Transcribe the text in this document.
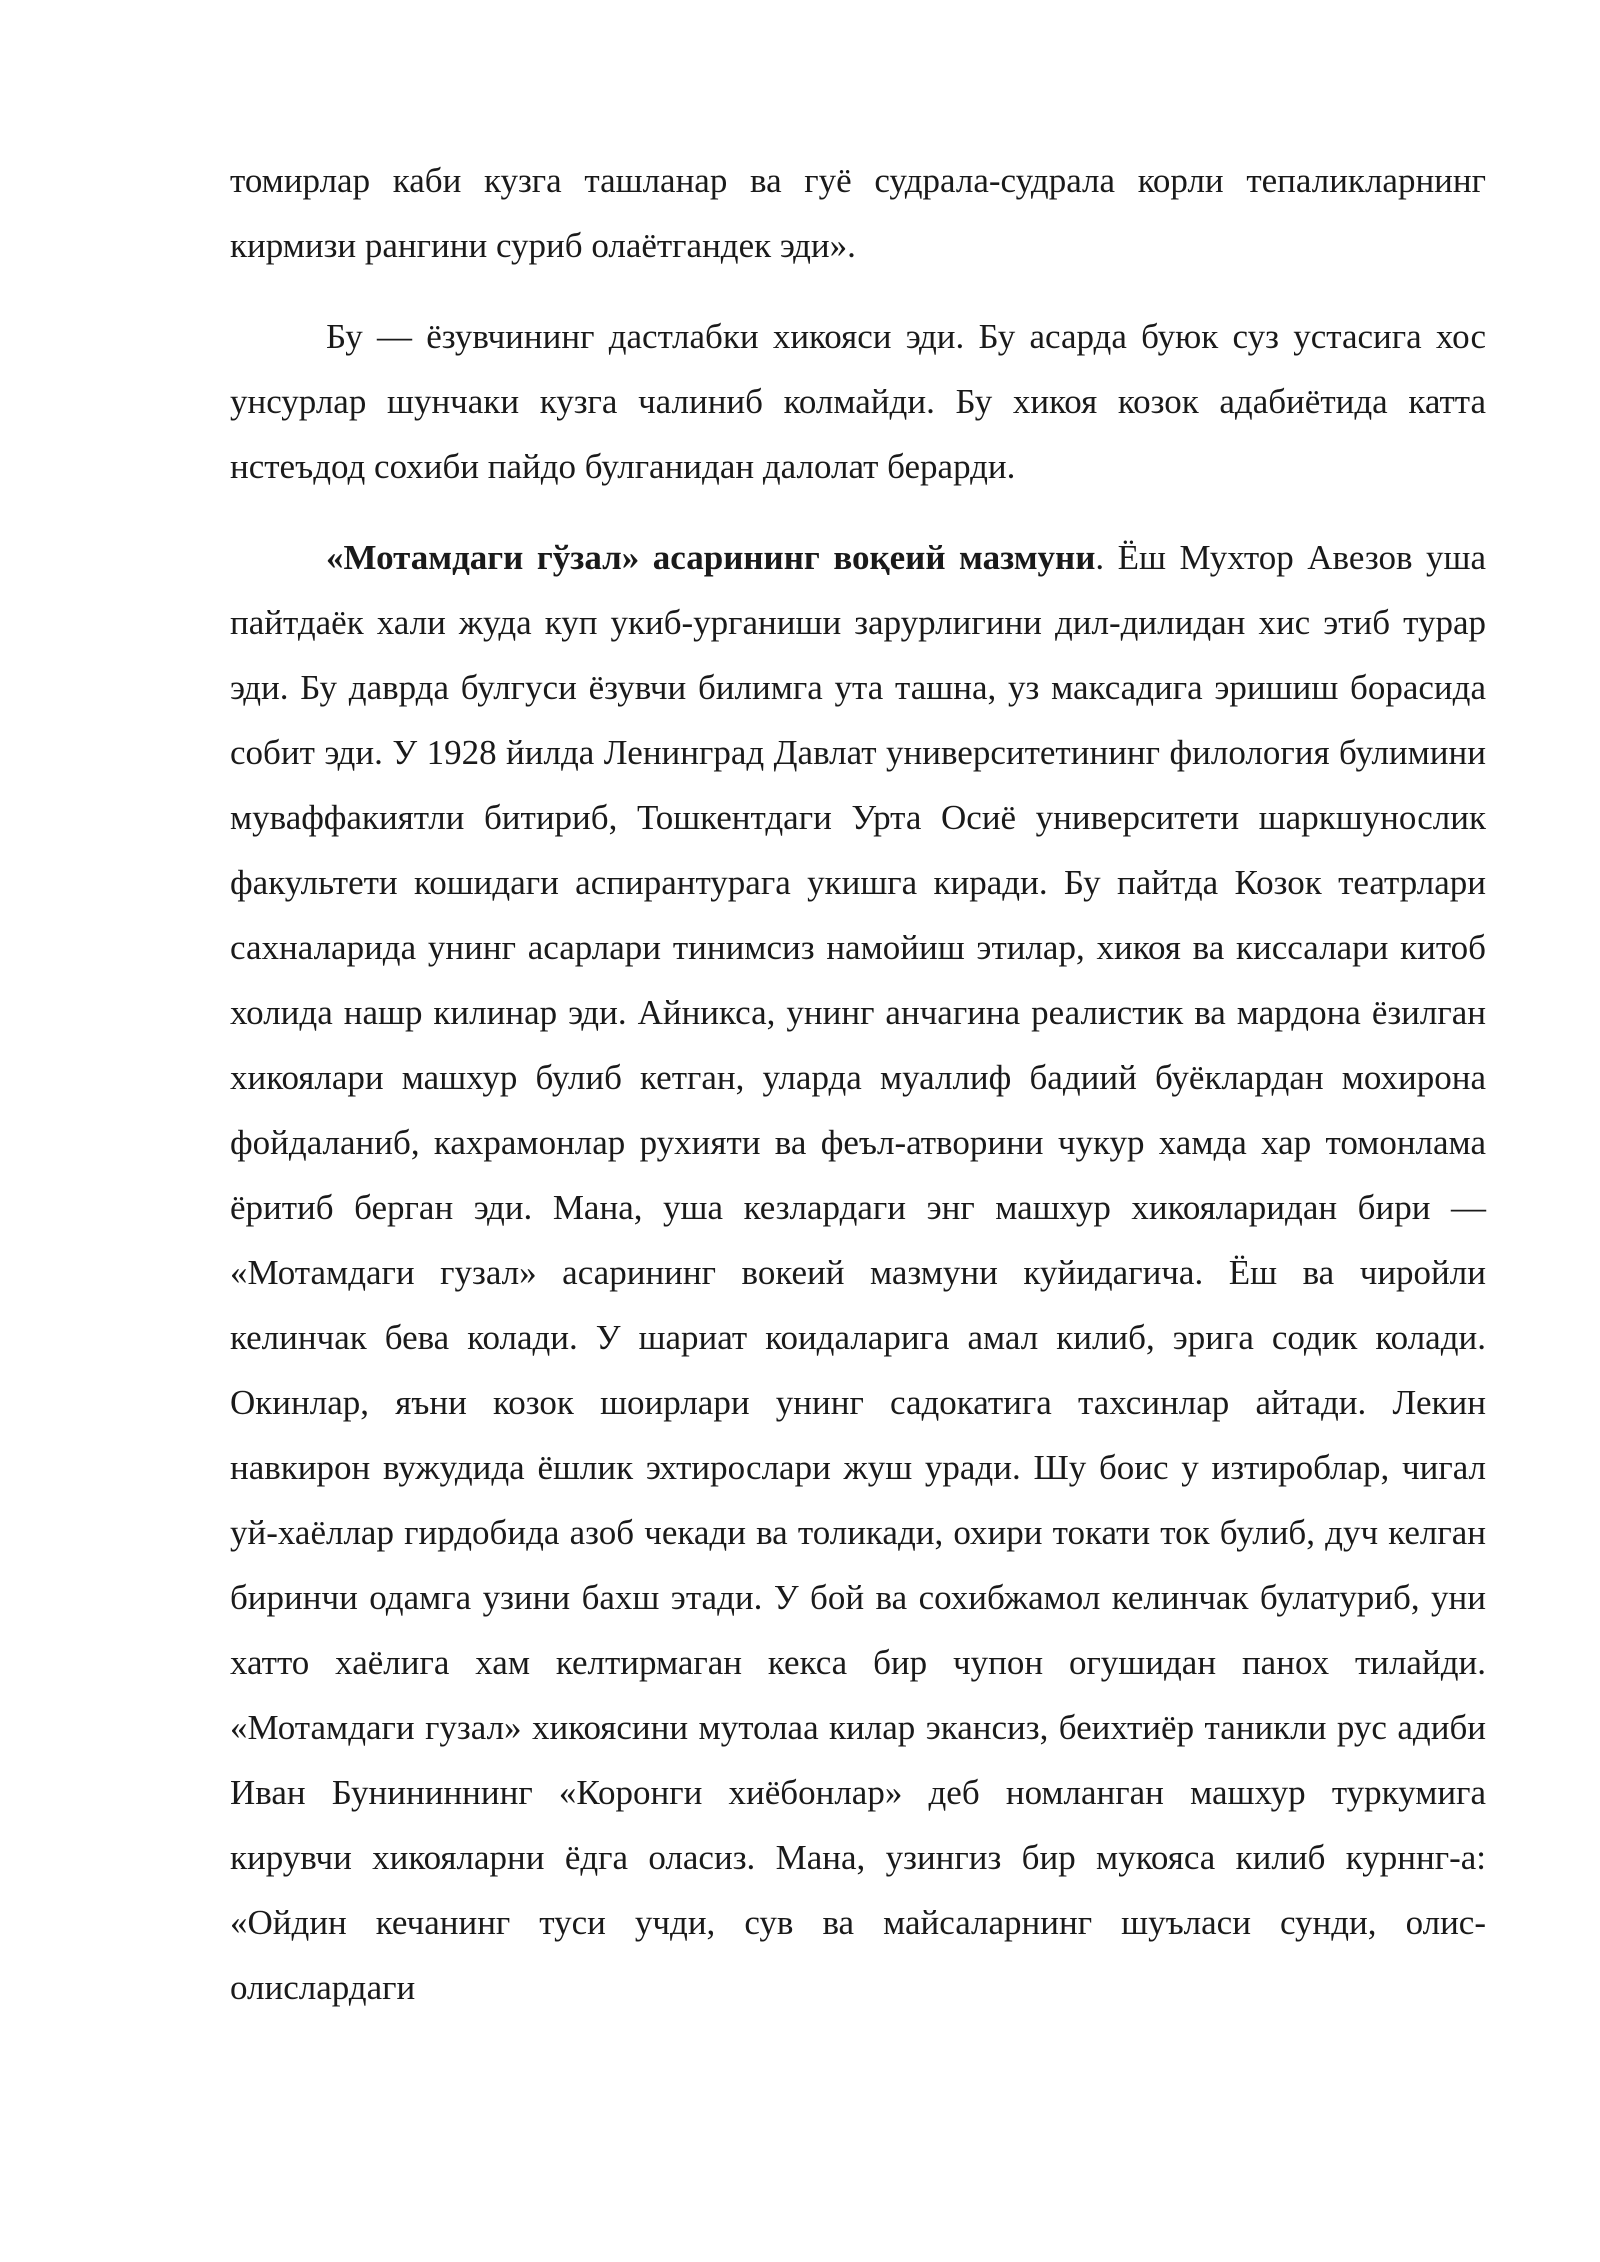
томирлар каби кузга ташланар ва гуё судрала-судрала корли тепаликларнинг кирмизи рангини суриб олаётгандек эди».

Бу — ёзувчининг дастлабки хикояси эди. Бу асарда буюк суз устасига хос унсурлар шунчаки кузга чалиниб колмайди. Бу хикоя козок адабиётида катта нстеъдод сохиби пайдо булганидан далолат берарди.

«Мотамдаги гўзал» асарининг воқеий мазмуни. Ёш Мухтор Авезов уша пайтдаёк хали жуда куп укиб-урганиши зарурлигини дил-дилидан хис этиб турар эди. Бу даврда булгуси ёзувчи билимга ута ташна, уз максадига эришиш борасида собит эди. У 1928 йилда Ленинград Давлат университетининг филология булимини муваффакиятли битириб, Тошкентдаги Урта Осиё университети шаркшунослик факультети кошидаги аспирантурага укишга киради. Бу пайтда Козок театрлари сахналарида унинг асарлари тинимсиз намойиш этилар, хикоя ва киссалари китоб холида нашр килинар эди. Айникса, унинг анчагина реалистик ва мардона ёзилган хикоялари машхур булиб кетган, уларда муаллиф бадиий буёклардан мохирона фойдаланиб, кахрамонлар рухияти ва феъл-атворини чукур хамда хар томонлама ёритиб берган эди. Мана, уша кезлардаги энг машхур хикояларидан бири — «Мотамдаги гузал» асарининг вокеий мазмуни куйидагича. Ёш ва чиройли келинчак бева колади. У шариат коидаларига амал килиб, эрига содик колади. Окинлар, яъни козок шоирлари унинг садокатига тахсинлар айтади. Лекин навкирон вужудида ёшлик эхтирослари жуш уради. Шу боис у изтироблар, чигал уй-хаёллар гирдобида азоб чекади ва толикади, охири токати ток булиб, дуч келган биринчи одамга узини бахш этади. У бой ва сохибжамол келинчак булатуриб, уни хатто хаёлига хам келтирмаган кекса бир чупон огушидан панох тилайди. «Мотамдаги гузал» хикоясини мутолаа килар экансиз, беихтиёр таникли рус адиби Иван Бунининнинг «Коронги хиёбонлар» деб номланган машхур туркумига кирувчи хикояларни ёдга оласиз. Мана, узингиз бир мукояса килиб курннг-а: «Ойдин кечанинг туси учди, сув ва майсаларнинг шуъласи сунди, олис-олислардаги
